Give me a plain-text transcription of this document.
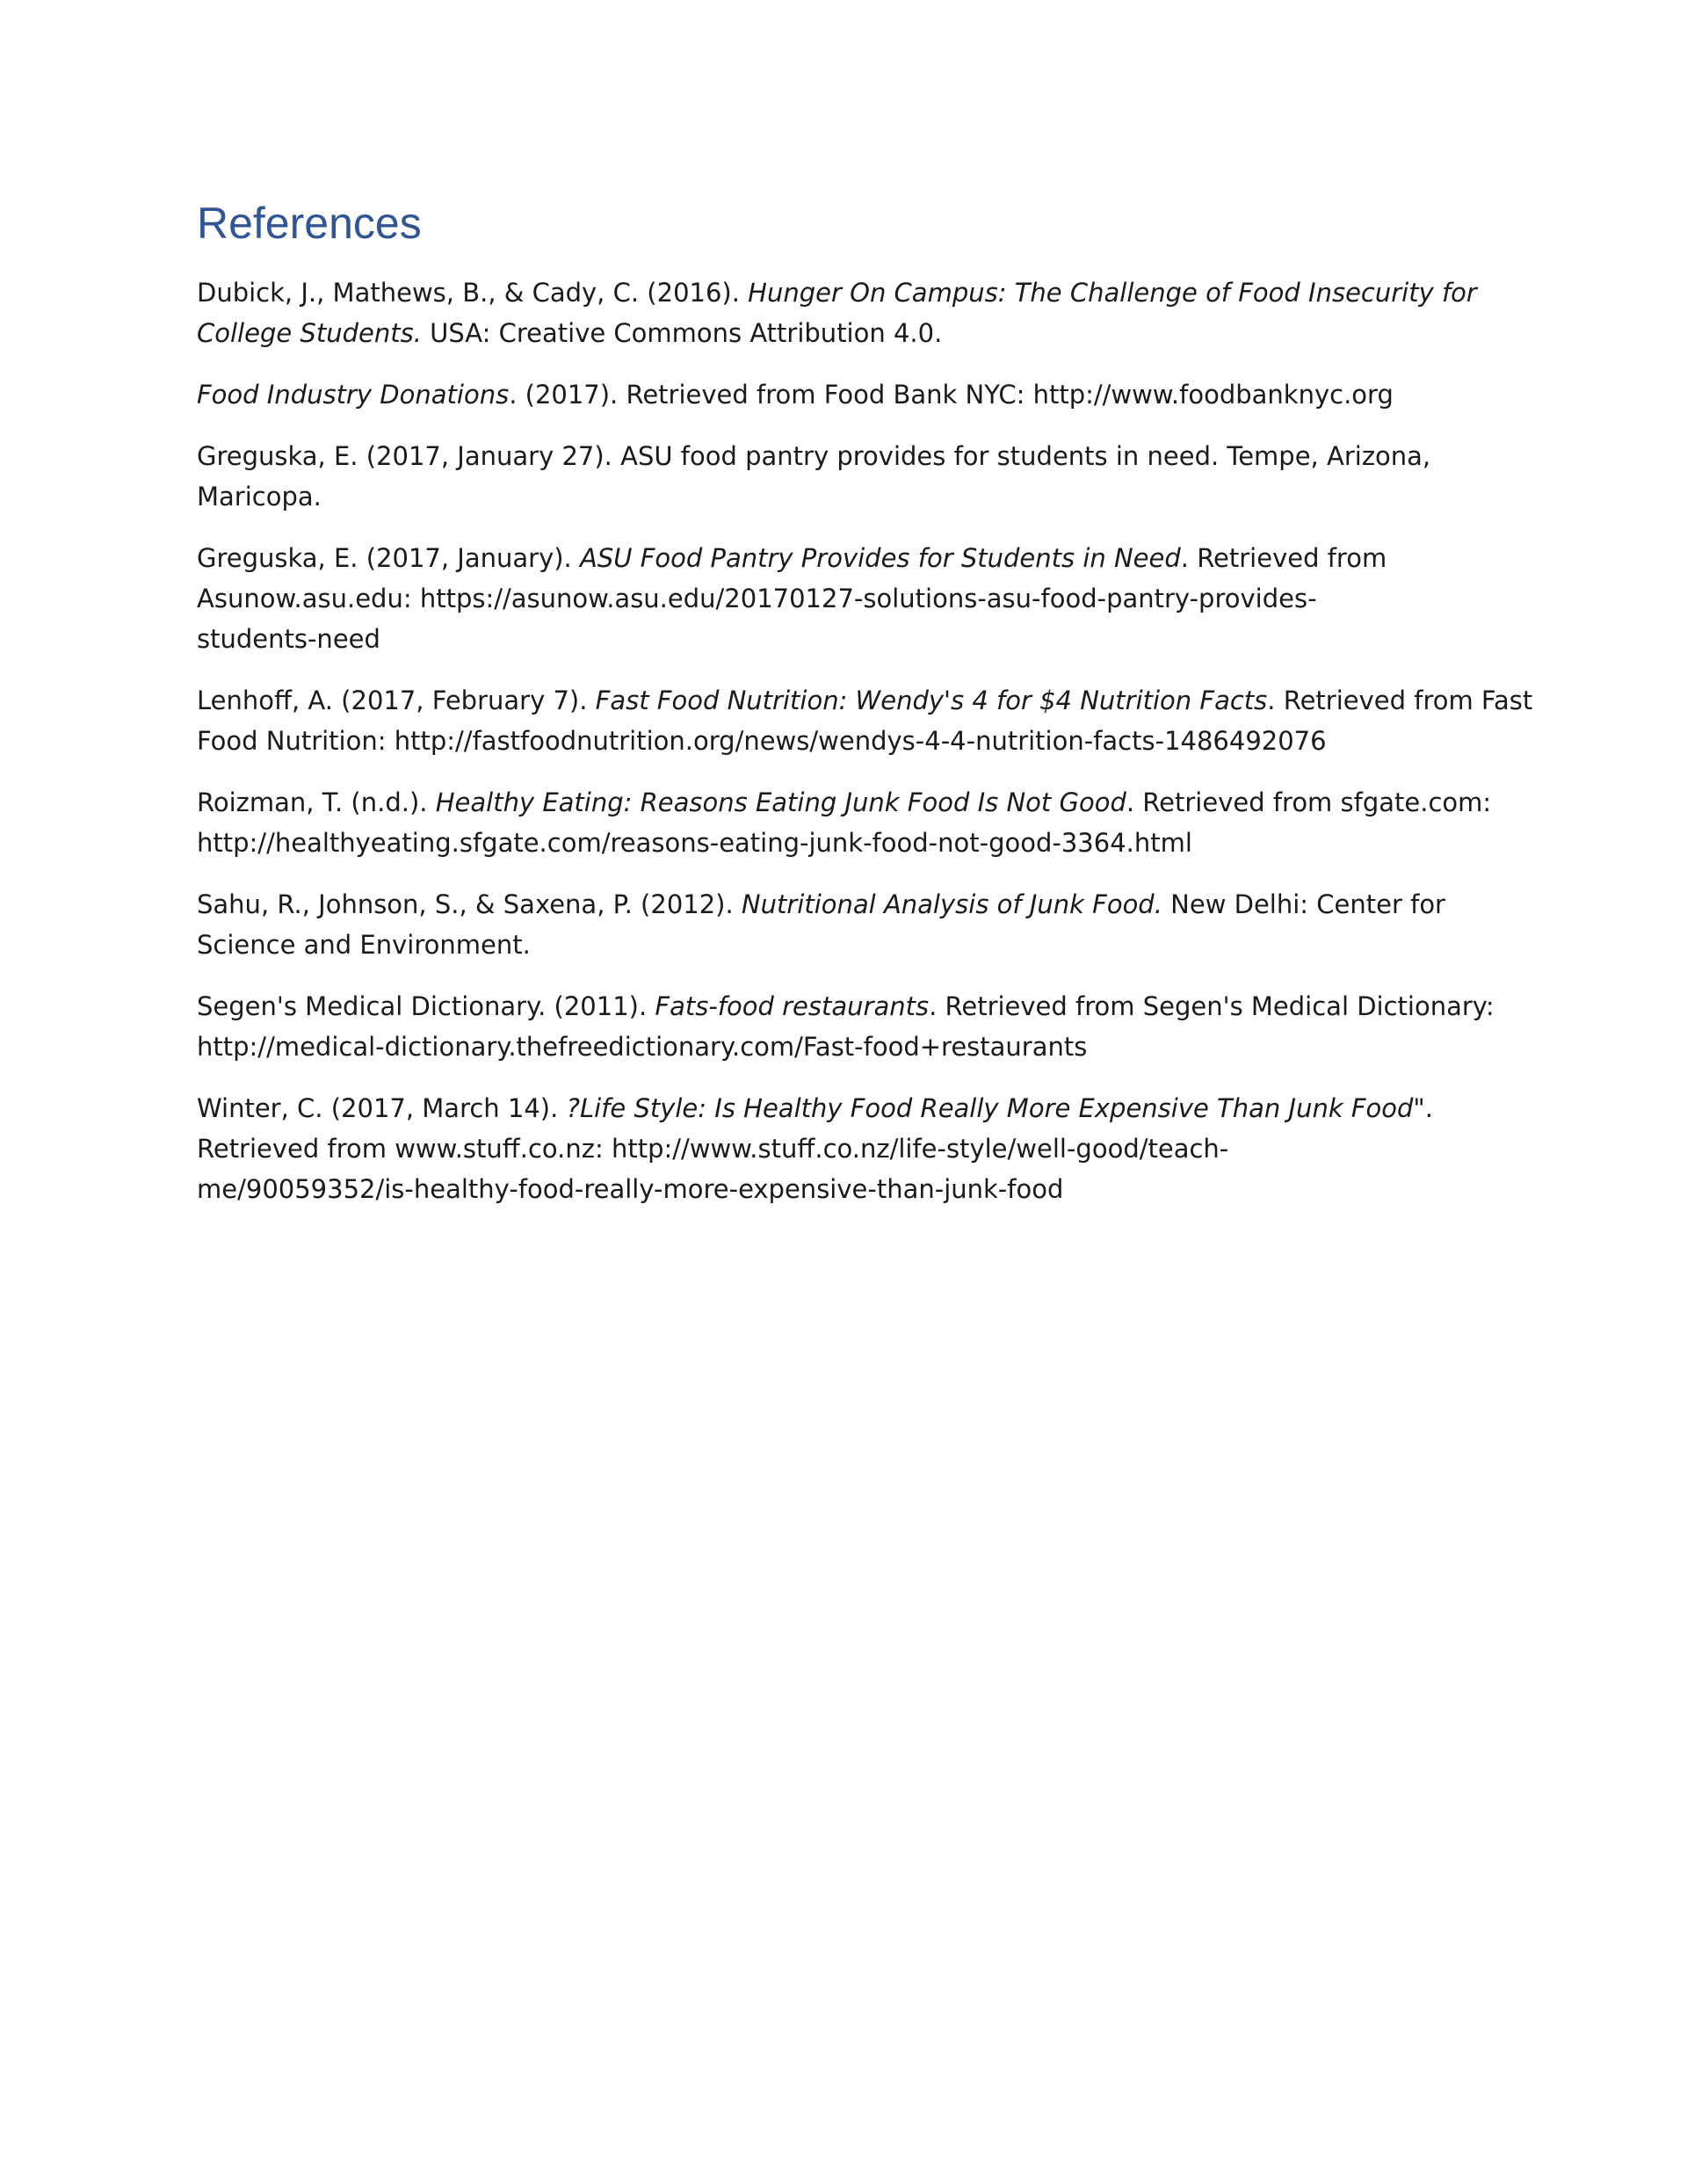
References
Dubick, J., Mathews, B., & Cady, C. (2016). Hunger On Campus: The Challenge of Food Insecurity for
College Students. USA: Creative Commons Attribution 4.0.
Food Industry Donations. (2017). Retrieved from Food Bank NYC: http://www.foodbanknyc.org
Greguska, E. (2017, January 27). ASU food pantry provides for students in need. Tempe, Arizona,
Maricopa.
Greguska, E. (2017, January). ASU Food Pantry Provides for Students in Need. Retrieved from
Asunow.asu.edu: https://asunow.asu.edu/20170127-solutions-asu-food-pantry-provides-
students-need
Lenhoff, A. (2017, February 7). Fast Food Nutrition: Wendy's 4 for $4 Nutrition Facts. Retrieved from Fast
Food Nutrition: http://fastfoodnutrition.org/news/wendys-4-4-nutrition-facts-1486492076
Roizman, T. (n.d.). Healthy Eating: Reasons Eating Junk Food Is Not Good. Retrieved from sfgate.com:
http://healthyeating.sfgate.com/reasons-eating-junk-food-not-good-3364.html
Sahu, R., Johnson, S., & Saxena, P. (2012). Nutritional Analysis of Junk Food. New Delhi: Center for
Science and Environment.
Segen's Medical Dictionary. (2011). Fats-food restaurants. Retrieved from Segen's Medical Dictionary:
http://medical-dictionary.thefreedictionary.com/Fast-food+restaurants
Winter, C. (2017, March 14). ?Life Style: Is Healthy Food Really More Expensive Than Junk Food".
Retrieved from www.stuff.co.nz: http://www.stuff.co.nz/life-style/well-good/teach-
me/90059352/is-healthy-food-really-more-expensive-than-junk-food
